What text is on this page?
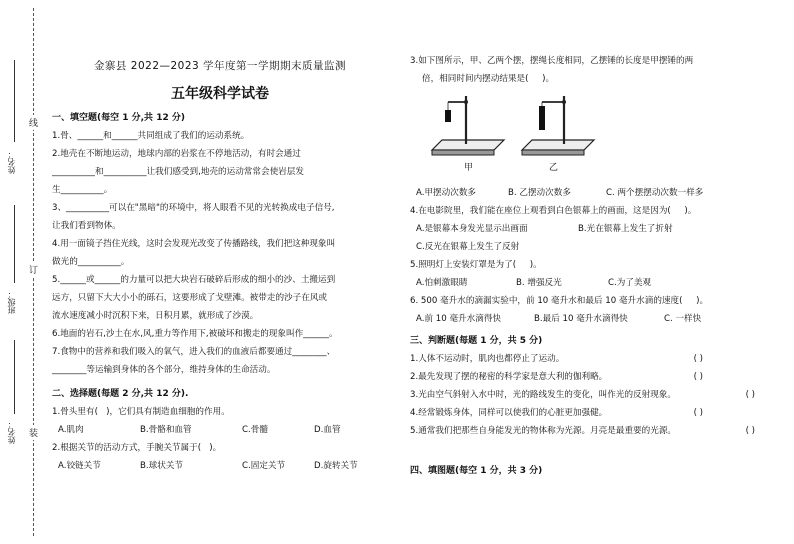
姓名：
班级：
姓名：
线
订
装
金寨县 2022—2023 学年度第一学期期末质量监测
五年级科学试卷
一、填空题(每空 1 分,共 12 分)
1.骨、______和______共同组成了我们的运动系统。
2.地壳在不断地运动，地球内部的岩浆在不停地活动，有时会通过
__________和__________让我们感受到,地壳的运动常常会使岩层发
生__________。
3、__________可以在"黑暗"的环境中，将人眼看不见的光转换成电子信号,
让我们看到物体。
4.用一面镜子挡住光线，这时会发现光改变了传播路线，我们把这种现象叫
做光的__________。
5.______或______的力量可以把大块岩石破碎后形成的细小的沙、土搬运到
远方，只留下大大小小的砾石，这要形成了戈壁滩。被带走的沙子在风或
流水速度减小时沉积下来，日积月累，就形成了沙漠。
6.地面的岩石,沙土在水,风,重力等作用下,被破坏和搬走的现象叫作______。
7.食物中的营养和我们吸入的氧气，进入我们的血液后都要通过________、
________等运输到身体的各个部分，维持身体的生命活动。
二、选择题(每题 2 分,共 12 分).
1.骨头里有(   )，它们具有制造血细胞的作用。
A.肌肉	B.骨骼和血管	C.骨髓	D.血管
2.根据关节的活动方式，手腕关节属于(   )。
A.铰链关节	B.球状关节	C.固定关节	D.旋转关节
3.如下图所示，甲、乙两个摆，摆绳长度相同，乙摆锤的长度是甲摆锤的两
倍，相同时间内摆动结果是(     )。
甲	乙
A.甲摆动次数多	B. 乙摆动次数多	C. 两个摆摆动次数一样多
4.在电影院里，我们能在座位上观看到白色银幕上的画面，这是因为(     )。
A.是银幕本身发光显示出画面	B.光在银幕上发生了折射
C.反光在银幕上发生了反射
5.照明灯上安装灯罩是为了(     )。
A.怕刺激眼睛	B. 增强反光	C.为了美观
6. 500 毫升水的滴漏实验中，前 10 毫升水和最后 10 毫升水滴的速度(     )。
A.前 10 毫升水滴得快	B.最后 10 毫升水滴得快	C. 一样快
三、判断题(每题 1 分，共 5 分)
1.人体不运动时，肌肉也都停止了运动。	( )
2.最先发现了摆的秘密的科学家是意大利的伽利略。	( )
3.光由空气斜射入水中时，光的路线发生的变化，叫作光的反射现象。	( )
4.经常锻炼身体，同样可以使我们的心脏更加强健。	( )
5.通常我们把那些自身能发光的物体称为光源。月亮是最重要的光源。	( )
四、填图题(每空 1 分，共 3 分)
